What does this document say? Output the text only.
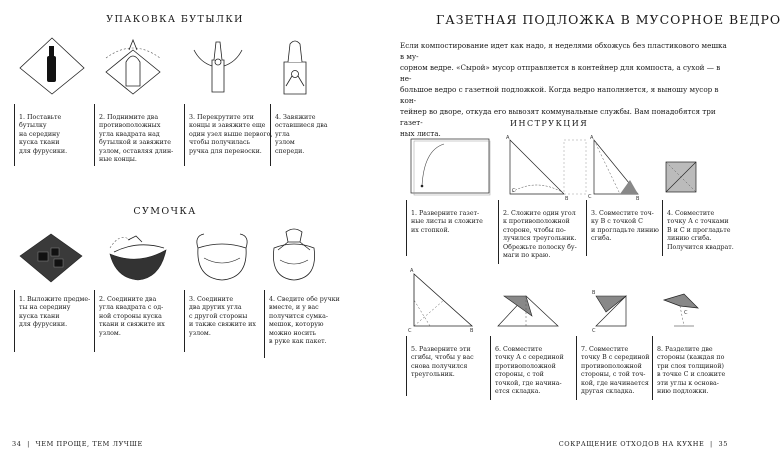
УПАКОВКА БУТЫЛКИ
1. Поставьте
бутылку
на середину
куска ткани
для фурусики.
2. Поднимите два
противоположных
угла квадрата над
бутылкой и завяжите
узлом, оставляя длин-
ные концы.
3. Перекрутите эти
концы и завяжите еще
один узел выше первого,
чтобы получилась
ручка для переноски.
4. Завяжите
оставшиеся два
угла
узлом
спереди.
СУМОЧКА
1. Выложите предме-
ты на середину
куска ткани
для фурусики.
2. Соедините два
угла квадрата с од-
ной стороны куска
ткани и свяжите их
узлом.
3. Соедините
два других угла
с другой стороны
и также свяжите их
узлом.
4. Сведите обе ручки
вместе, и у вас
получится сумка-
мешок, которую
можно носить
в руке как пакет.
34 | ЧЕМ ПРОЩЕ, ТЕМ ЛУЧШЕ
ГАЗЕТНАЯ ПОДЛОЖКА В МУСОРНОЕ ВЕДРО
Если компостирование идет как надо, я неделями обхожусь без пластикового мешка в му-
сорном ведре. «Сырой» мусор отправляется в контейнер для компоста, а сухой — в не-
большое ведро с газетной подложкой. Когда ведро наполняется, я выношу мусор в кон-
тейнер во дворе, откуда его вывозят коммунальные службы. Вам понадобятся три газет-
ных листа.
ИНСТРУКЦИЯ
A
C
B
A
C	B
1. Разверните газет-
ные листы и сложите
их стопкой.
2. Сложите один угол
к противоположной
стороне, чтобы по-
лучился треугольник.
Обрежьте полоску бу-
маги по краю.
3. Совместите точ-
ку В с точкой С
и прогладьте линию
сгиба.
4. Совместите
точку А с точками
В и С и прогладьте
линию сгиба.
Получится квадрат.
A
C	B
B
C
C
5. Разверните эти
сгибы, чтобы у вас
снова получился
треугольник.
6. Совместите
точку А с серединой
противоположной
стороны, с той
точкой, где начина-
ется складка.
7. Совместите
точку В с серединой
противоположной
стороны, с той точ-
кой, где начинается
другая складка.
8. Разделите две
стороны (каждая по
три слоя толщиной)
в точке С и сложите
эти углы к основа-
нию подложки.
СОКРАЩЕНИЕ ОТХОДОВ НА КУХНЕ | 35
